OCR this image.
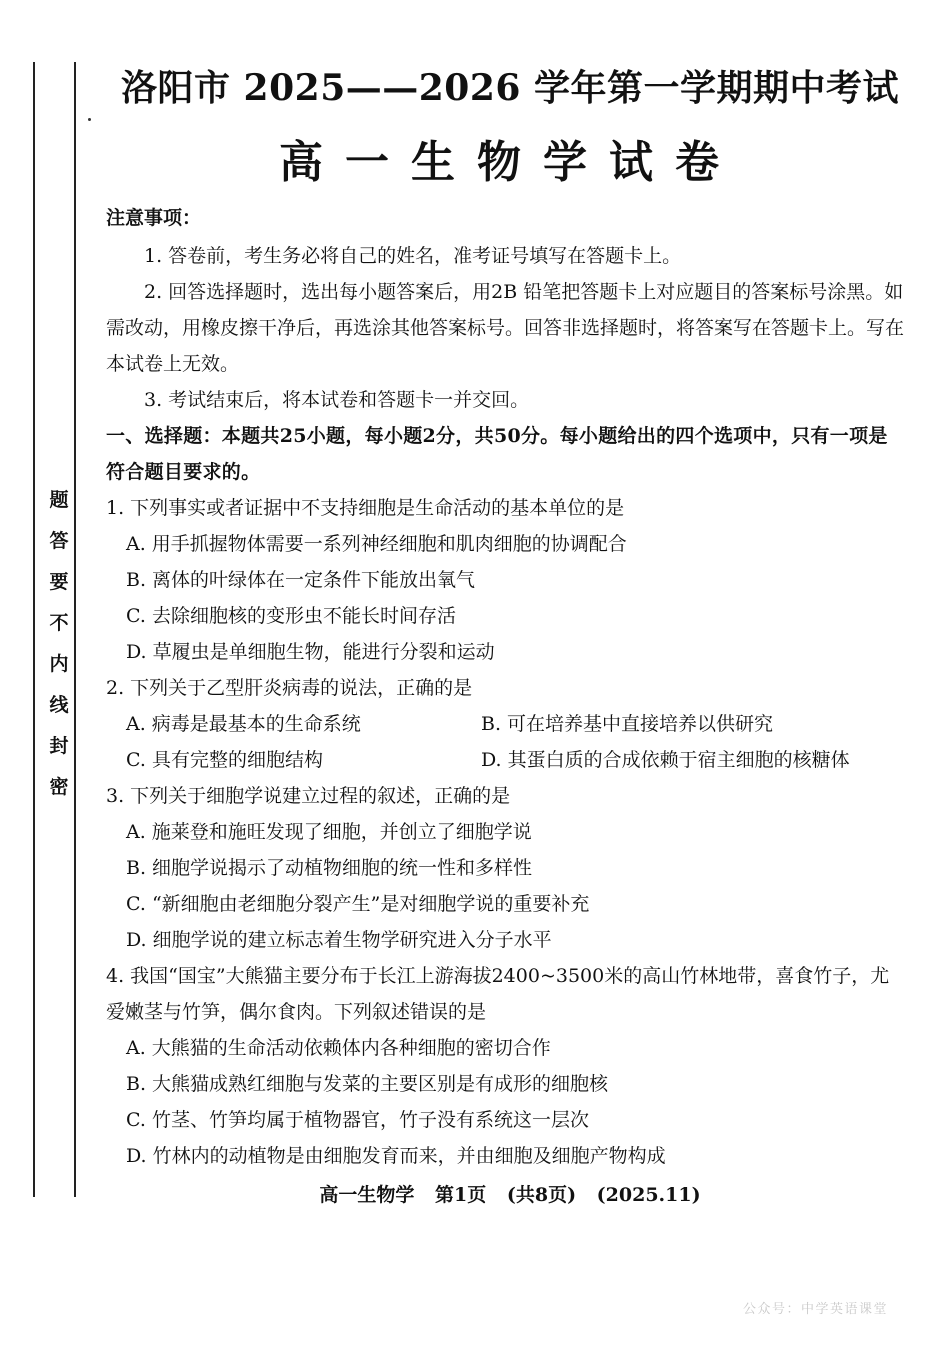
题
答
要
不
内
线
封
密
洛阳市 2025——2026 学年第一学期期中考试
高一生物学试卷

注意事项：

1. 答卷前，考生务必将自己的姓名，准考证号填写在答题卡上。

2. 回答选择题时，选出每小题答案后，用2B 铅笔把答题卡上对应题目的答案标号涂黑。如需改动，用橡皮擦干净后，再选涂其他答案标号。回答非选择题时，将答案写在答题卡上。写在本试卷上无效。

3. 考试结束后，将本试卷和答题卡一并交回。

一、选择题：本题共25小题，每小题2分，共50分。每小题给出的四个选项中，只有一项是符合题目要求的。

1. 下列事实或者证据中不支持细胞是生命活动的基本单位的是

A. 用手抓握物体需要一系列神经细胞和肌肉细胞的协调配合

B. 离体的叶绿体在一定条件下能放出氧气

C. 去除细胞核的变形虫不能长时间存活

D. 草履虫是单细胞生物，能进行分裂和运动

2. 下列关于乙型肝炎病毒的说法，正确的是

A. 病毒是最基本的生命系统	B. 可在培养基中直接培养以供研究
C. 具有完整的细胞结构	D. 其蛋白质的合成依赖于宿主细胞的核糖体

3. 下列关于细胞学说建立过程的叙述，正确的是

A. 施莱登和施旺发现了细胞，并创立了细胞学说

B. 细胞学说揭示了动植物细胞的统一性和多样性

C. “新细胞由老细胞分裂产生”是对细胞学说的重要补充

D. 细胞学说的建立标志着生物学研究进入分子水平

4. 我国“国宝”大熊猫主要分布于长江上游海拔2400~3500米的高山竹林地带，喜食竹子，尤爱嫩茎与竹笋，偶尔食肉。下列叙述错误的是

A. 大熊猫的生命活动依赖体内各种细胞的密切合作

B. 大熊猫成熟红细胞与发菜的主要区别是有成形的细胞核

C. 竹茎、竹笋均属于植物器官，竹子没有系统这一层次

D. 竹林内的动植物是由细胞发育而来，并由细胞及细胞产物构成

高一生物学 第1页 (共8页) (2025.11)
公众号：中学英语课堂
